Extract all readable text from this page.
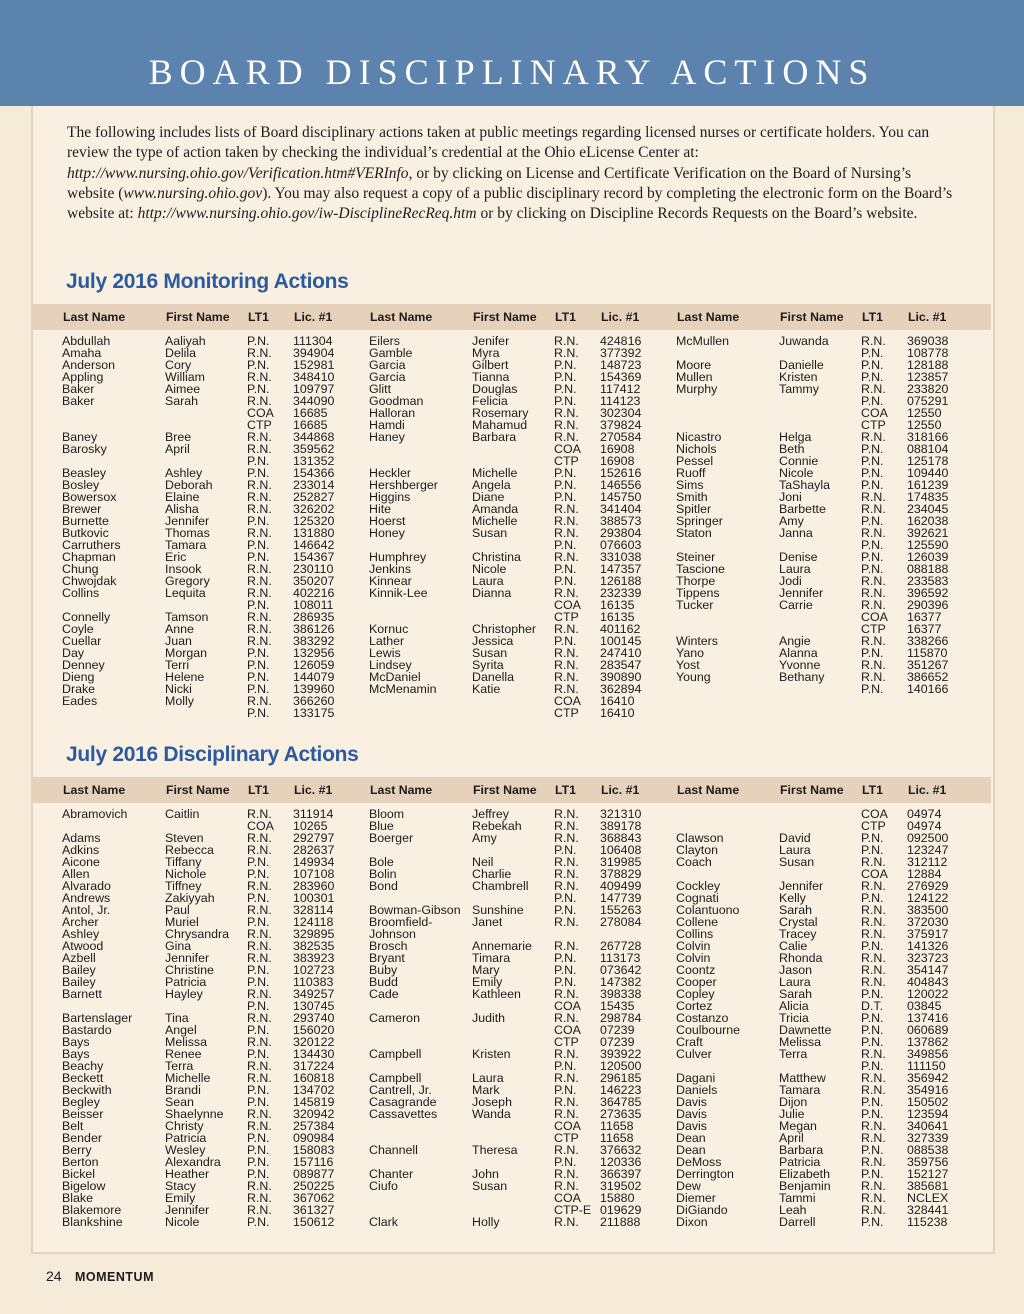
BOARD DISCIPLINARY ACTIONS

The following includes lists of Board disciplinary actions taken at public meetings regarding licensed nurses or certificate holders. You can review the type of action taken by checking the individual’s credential at the Ohio eLicense Center at: http://www.nursing.ohio.gov/Verification.htm#VERInfo, or by clicking on License and Certificate Verification on the Board of Nursing’s website (www.nursing.ohio.gov). You may also request a copy of a public disciplinary record by completing the electronic form on the Board’s website at: http://www.nursing.ohio.gov/iw-DisciplineRecReq.htm or by clicking on Discipline Records Requests on the Board’s website.

July 2016 Monitoring Actions
Last Name	First Name LT1 Lic. #1	Last Name	First Name LT1 Lic. #1	Last Name	First Name LT1 Lic. #1
Abdullah	Aaliyah	P.N. 111304
Amaha	Delila	R.N. 394904
Anderson	Cory	P.N. 152981
Appling	William	R.N. 348410
Baker	Aimee	P.N. 109797
Baker	Sarah	R.N. 344090
COA 16685
CTP 16685
Baney	Bree	R.N. 344868
Barosky	April	R.N. 359562
P.N. 131352
Beasley	Ashley	P.N. 154366
Bosley	Deborah	R.N. 233014
Bowersox	Elaine	R.N. 252827
Brewer	Alisha	R.N. 326202
Burnette	Jennifer	P.N. 125320
Butkovic	Thomas	R.N. 131880
Carruthers	Tamara	P.N. 146642
Chapman	Eric	P.N. 154367
Chung	Insook	R.N. 230110
Chwojdak	Gregory	R.N. 350207
Collins	Lequita	R.N. 402216
P.N. 108011
Connelly	Tamson	R.N. 286935
Coyle	Anne	R.N. 386126
Cuellar	Juan	R.N. 383292
Day	Morgan	P.N. 132956
Denney	Terri	P.N. 126059
Dieng	Helene	P.N. 144079
Drake	Nicki	P.N. 139960
Eades	Molly	R.N. 366260
P.N. 133175
Eilers	Jenifer	R.N. 424816
Gamble	Myra	R.N. 377392
Garcia	Gilbert	P.N. 148723
Garcia	Tianna	P.N. 154369
Glitt	Douglas	P.N. 117412
Goodman	Felicia	P.N. 114123
Halloran	Rosemary R.N. 302304
Hamdi	Mahamud R.N. 379824
Haney	Barbara	R.N. 270584
COA 16908
CTP 16908
Heckler	Michelle	P.N. 152616
Hershberger	Angela	P.N. 146556
Higgins	Diane	P.N. 145750
Hite	Amanda	R.N. 341404
Hoerst	Michelle	R.N. 388573
Honey	Susan	R.N. 293804
P.N. 076603
Humphrey	Christina	R.N. 331038
Jenkins	Nicole	P.N. 147357
Kinnear	Laura	P.N. 126188
Kinnik-Lee	Dianna	R.N. 232339
COA 16135
CTP 16135
Kornuc	Christopher R.N. 401162
Lather	Jessica	P.N. 100145
Lewis	Susan	R.N. 247410
Lindsey	Syrita	R.N. 283547
McDaniel	Danella	R.N. 390890
McMenamin	Katie	R.N. 362894
COA 16410
CTP 16410
McMullen	Juwanda	R.N. 369038
P.N. 108778
Moore	Danielle	P.N. 128188
Mullen	Kristen	P.N. 123857
Murphy	Tammy	R.N. 233820
P.N. 075291
COA 12550
CTP 12550
Nicastro	Helga	R.N. 318166
Nichols	Beth	P.N. 088104
Pessel	Connie	P.N. 125178
Ruoff	Nicole	P.N. 109440
Sims	TaShayla	P.N. 161239
Smith	Joni	R.N. 174835
Spitler	Barbette	R.N. 234045
Springer	Amy	P.N. 162038
Staton	Janna	R.N. 392621
P.N. 125590
Steiner	Denise	P.N. 126039
Tascione	Laura	P.N. 088188
Thorpe	Jodi	R.N. 233583
Tippens	Jennifer	R.N. 396592
Tucker	Carrie	R.N. 290396
COA 16377
CTP 16377
Winters	Angie	R.N. 338266
Yano	Alanna	P.N. 115870
Yost	Yvonne	R.N. 351267
Young	Bethany	R.N. 386652
P.N. 140166
July 2016 Disciplinary Actions
Last Name	First Name LT1 Lic. #1	Last Name	First Name LT1 Lic. #1	Last Name	First Name LT1 Lic. #1
Abramovich	Caitlin	R.N. 311914
COA 10265
Adams	Steven	R.N. 292797
Adkins	Rebecca	R.N. 282637
Aicone	Tiffany	P.N. 149934
Allen	Nichole	P.N. 107108
Alvarado	Tiffney	R.N. 283960
Andrews	Zakiyyah	P.N. 100301
Antol, Jr.	Paul	R.N. 328114
Archer	Muriel	P.N. 124118
Ashley	Chrysandra R.N. 329895
Atwood	Gina	R.N. 382535
Azbell	Jennifer	R.N. 383923
Bailey	Christine	P.N. 102723
Bailey	Patricia	P.N. 110383
Barnett	Hayley	R.N. 349257
P.N. 130745
Bartenslager	Tina	R.N. 293740
Bastardo	Angel	P.N. 156020
Bays	Melissa	R.N. 320122
Bays	Renee	P.N. 134430
Beachy	Terra	R.N. 317224
Beckett	Michelle	R.N. 160818
Beckwith	Brandi	P.N. 134702
Begley	Sean	P.N. 145819
Beisser	Shaelynne R.N. 320942
Belt	Christy	R.N. 257384
Bender	Patricia	P.N. 090984
Berry	Wesley	P.N. 158083
Berton	Alexandra P.N. 157116
Bickel	Heather	P.N. 089877
Bigelow	Stacy	R.N. 250225
Blake	Emily	R.N. 367062
Blakemore	Jennifer	R.N. 361327
Blankshine	Nicole	P.N. 150612
Bloom	Jeffrey	R.N. 321310
Blue	Rebekah	R.N. 389178
Boerger	Amy	R.N. 368843
P.N. 106408
Bole	Neil	R.N. 319985
Bolin	Charlie	R.N. 378829
Bond	Chambrell R.N. 409499
P.N. 147739
Bowman-Gibson Sunshine P.N. 155263
Broomfield-	Janet	R.N. 278084
Johnson
Brosch	Annemarie R.N. 267728
Bryant	Timara	P.N. 113173
Buby	Mary	P.N. 073642
Budd	Emily	P.N. 147382
Cade	Kathleen	R.N. 398338
COA 15435
Cameron	Judith	R.N. 298784
COA 07239
CTP 07239
Campbell	Kristen	R.N. 393922
P.N. 120500
Campbell	Laura	R.N. 296185
Cantrell, Jr.	Mark	P.N. 146223
Casagrande	Joseph	R.N. 364785
Cassavettes	Wanda	R.N. 273635
COA 11658
CTP 11658
Channell	Theresa	R.N. 376632
P.N. 120336
Chanter	John	R.N. 366397
Ciufo	Susan	R.N. 319502
COA 15880
CTP-E 019629
Clark	Holly	R.N. 211888
COA 04974
CTP 04974
Clawson	David	P.N. 092500
Clayton	Laura	P.N. 123247
Coach	Susan	R.N. 312112
COA 12884
Cockley	Jennifer	R.N. 276929
Cognati	Kelly	P.N. 124122
Colantuono	Sarah	R.N. 383500
Collene	Crystal	R.N. 372030
Collins	Tracey	R.N. 375917
Colvin	Calie	P.N. 141326
Colvin	Rhonda	R.N. 323723
Coontz	Jason	R.N. 354147
Cooper	Laura	R.N. 404843
Copley	Sarah	P.N. 120022
Cortez	Alicia	D.T. 03845
Costanzo	Tricia	P.N. 137416
Coulbourne	Dawnette P.N. 060689
Craft	Melissa	P.N. 137862
Culver	Terra	R.N. 349856
P.N. 111150
Dagani	Matthew	R.N. 356942
Daniels	Tamara	R.N. 354916
Davis	Dijon	P.N. 150502
Davis	Julie	P.N. 123594
Davis	Megan	R.N. 340641
Dean	April	R.N. 327339
Dean	Barbara	P.N. 088538
DeMoss	Patricia	R.N. 359756
Derrington	Elizabeth	P.N. 152127
Dew	Benjamin R.N. 385681
Diemer	Tammi	R.N. NCLEX
DiGiando	Leah	R.N. 328441
Dixon	Darrell	P.N. 115238
24 MOMENTUM
